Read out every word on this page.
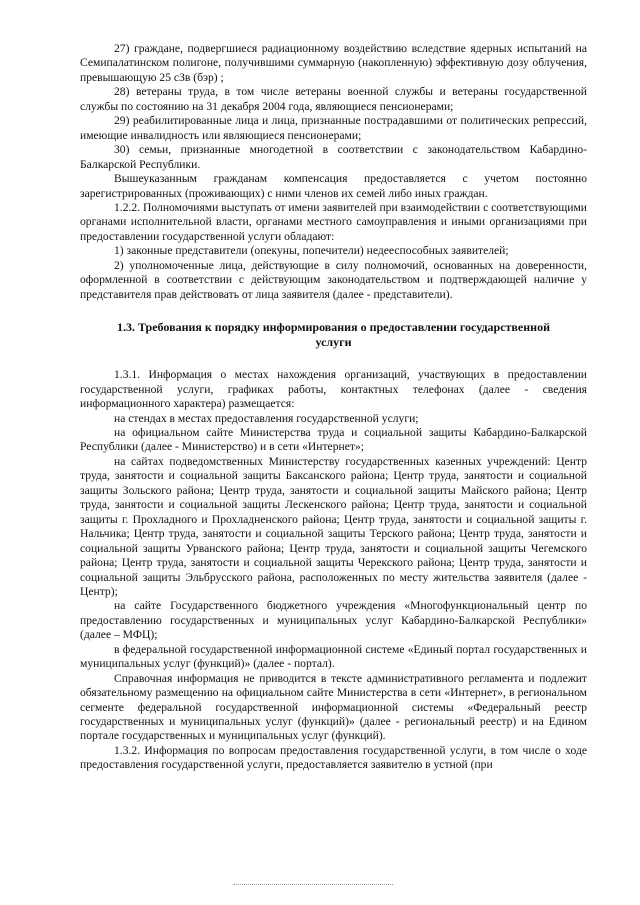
27) граждане, подвергшиеся радиационному воздействию вследствие ядерных испытаний на Семипалатинском полигоне, получившими суммарную (накопленную) эффективную дозу облучения, превышающую 25 сЗв (бэр) ;

28) ветераны труда, в том числе ветераны военной службы и ветераны государственной службы по состоянию на 31 декабря 2004 года, являющиеся пенсионерами;

29) реабилитированные лица и лица, признанные пострадавшими от политических репрессий, имеющие инвалидность или являющиеся пенсионерами;

30) семьи, признанные многодетной в соответствии с законодательством Кабардино-Балкарской Республики.

Вышеуказанным гражданам компенсация предоставляется с учетом постоянно зарегистрированных (проживающих) с ними членов их семей либо иных граждан.

1.2.2. Полномочиями выступать от имени заявителей при взаимодействии с соответствующими органами исполнительной власти, органами местного самоуправления и иными организациями при предоставлении государственной услуги обладают:

1) законные представители (опекуны, попечители) недееспособных заявителей;

2) уполномоченные лица, действующие в силу полномочий, основанных на доверенности, оформленной в соответствии с действующим законодательством и подтверждающей наличие у представителя прав действовать от лица заявителя (далее - представители).

1.3. Требования к порядку информирования о предоставлении государственной услуги

1.3.1. Информация о местах нахождения организаций, участвующих в предоставлении государственной услуги, графиках работы, контактных телефонах (далее - сведения информационного характера) размещается:

на стендах в местах предоставления государственной услуги;

на официальном сайте Министерства труда и социальной защиты Кабардино-Балкарской Республики (далее - Министерство) и в сети «Интернет»;

на сайтах подведомственных Министерству государственных казенных учреждений: Центр труда, занятости и социальной защиты Баксанского района; Центр труда, занятости и социальной защиты Зольского района; Центр труда, занятости и социальной защиты Майского района; Центр труда, занятости и социальной защиты Лескенского района; Центр труда, занятости и социальной защиты г. Прохладного и Прохладненского района; Центр труда, занятости и социальной защиты г. Нальчика; Центр труда, занятости и социальной защиты Терского района; Центр труда, занятости и социальной защиты Урванского района; Центр труда, занятости и социальной защиты Чегемского района; Центр труда, занятости и социальной защиты Черекского района; Центр труда, занятости и социальной защиты Эльбрусского района, расположенных по месту жительства заявителя (далее - Центр);

на сайте Государственного бюджетного учреждения «Многофункциональный центр по предоставлению государственных и муниципальных услуг Кабардино-Балкарской Республики» (далее – МФЦ);

в федеральной государственной информационной системе «Единый портал государственных и муниципальных услуг (функций)» (далее - портал).

Справочная информация не приводится в тексте административного регламента и подлежит обязательному размещению на официальном сайте Министерства в сети «Интернет», в региональном сегменте федеральной государственной информационной системы «Федеральный реестр государственных и муниципальных услуг (функций)» (далее - региональный реестр) и на Едином портале государственных и муниципальных услуг (функций).

1.3.2. Информация по вопросам предоставления государственной услуги, в том числе о ходе предоставления государственной услуги, предоставляется заявителю в устной (при
